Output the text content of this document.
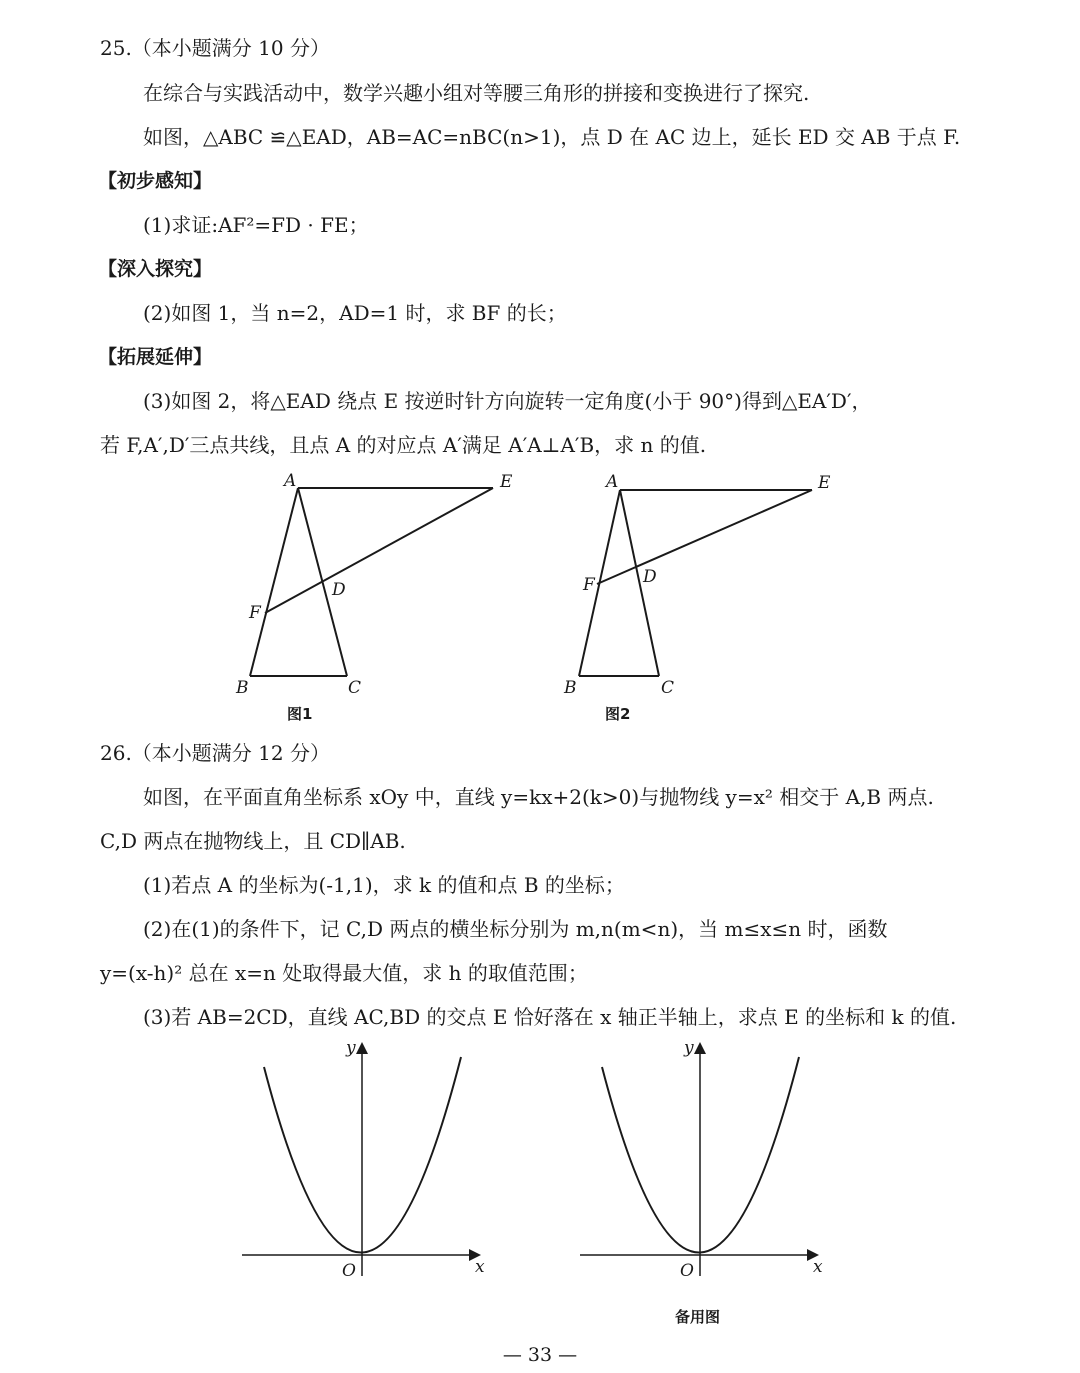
25.（本小题满分 10 分）
在综合与实践活动中，数学兴趣小组对等腰三角形的拼接和变换进行了探究.
如图，△ABC ≌△EAD，AB=AC=nBC(n>1)，点 D 在 AC 边上，延长 ED 交 AB 于点 F.
【初步感知】
(1)求证:AF²=FD · FE；
【深入探究】
(2)如图 1，当 n=2，AD=1 时，求 BF 的长；
【拓展延伸】
(3)如图 2，将△EAD 绕点 E 按逆时针方向旋转一定角度(小于 90°)得到△EA′D′，
若 F,A′,D′三点共线，且点 A 的对应点 A′满足 A′A⊥A′B，求 n 的值.
A	E
D
F
B	C
图1
A	E
D
F
B	C
图2
26.（本小题满分 12 分）
如图，在平面直角坐标系 xOy 中，直线 y=kx+2(k>0)与抛物线 y=x² 相交于 A,B 两点.
C,D 两点在抛物线上，且 CD∥AB.
(1)若点 A 的坐标为(-1,1)，求 k 的值和点 B 的坐标；
(2)在(1)的条件下，记 C,D 两点的横坐标分别为 m,n(m<n)，当 m≤x≤n 时，函数
y=(x-h)² 总在 x=n 处取得最大值，求 h 的取值范围；
(3)若 AB=2CD，直线 AC,BD 的交点 E 恰好落在 x 轴正半轴上，求点 E 的坐标和 k 的值.
y
x
O
y
x
O
备用图
— 33 —
